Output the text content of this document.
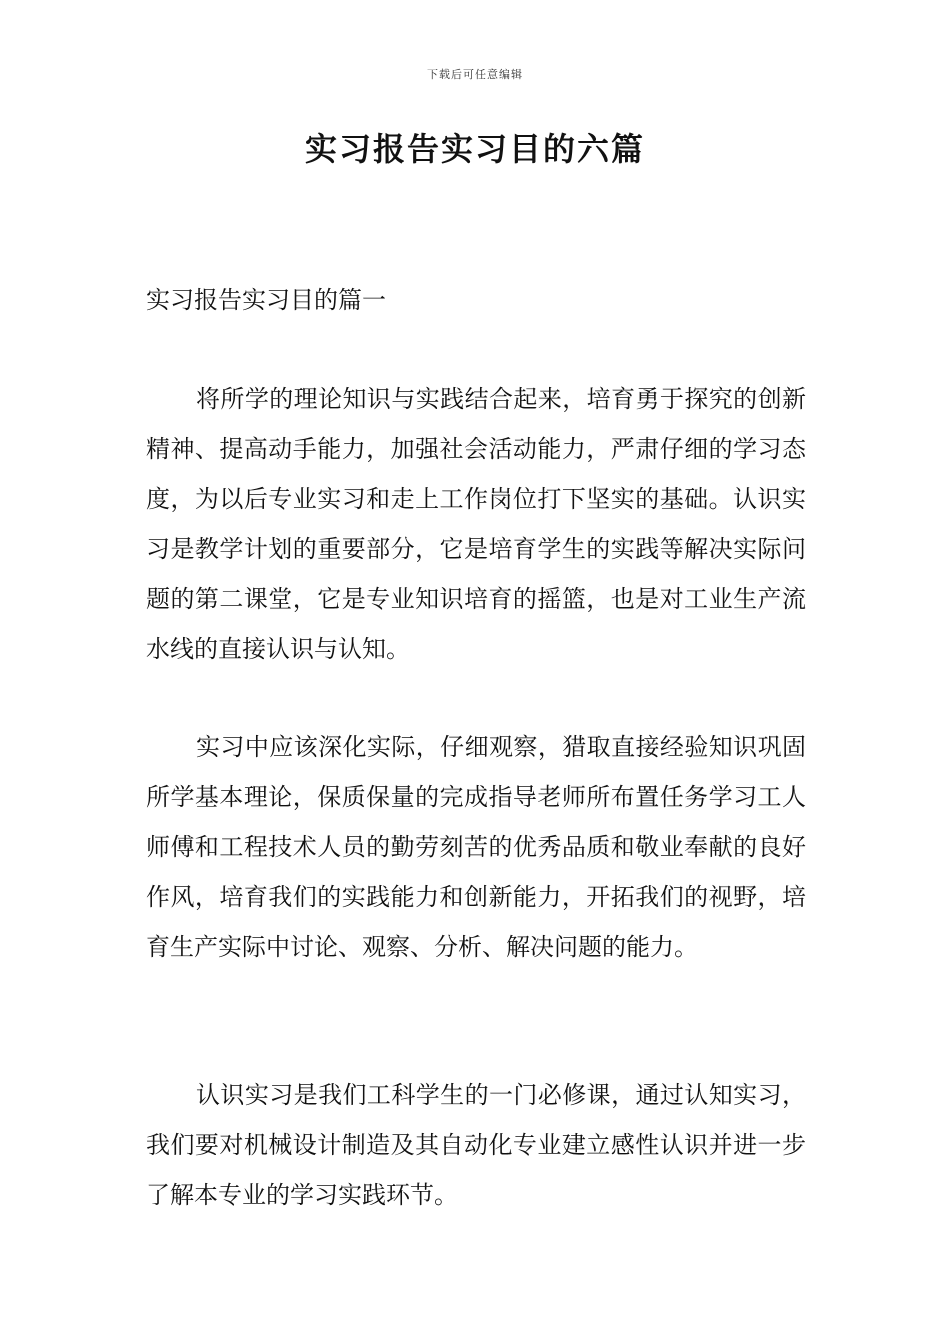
下载后可任意编辑
实习报告实习目的六篇
实习报告实习目的篇一

将所学的理论知识与实践结合起来，培育勇于探究的创新精神、提高动手能力，加强社会活动能力，严肃仔细的学习态度，为以后专业实习和走上工作岗位打下坚实的基础。认识实习是教学计划的重要部分，它是培育学生的实践等解决实际问题的第二课堂，它是专业知识培育的摇篮，也是对工业生产流水线的直接认识与认知。

实习中应该深化实际，仔细观察，猎取直接经验知识巩固所学基本理论，保质保量的完成指导老师所布置任务学习工人师傅和工程技术人员的勤劳刻苦的优秀品质和敬业奉献的良好作风，培育我们的实践能力和创新能力，开拓我们的视野，培育生产实际中讨论、观察、分析、解决问题的能力。

认识实习是我们工科学生的一门必修课，通过认知实习，我们要对机械设计制造及其自动化专业建立感性认识并进一步了解本专业的学习实践环节。
